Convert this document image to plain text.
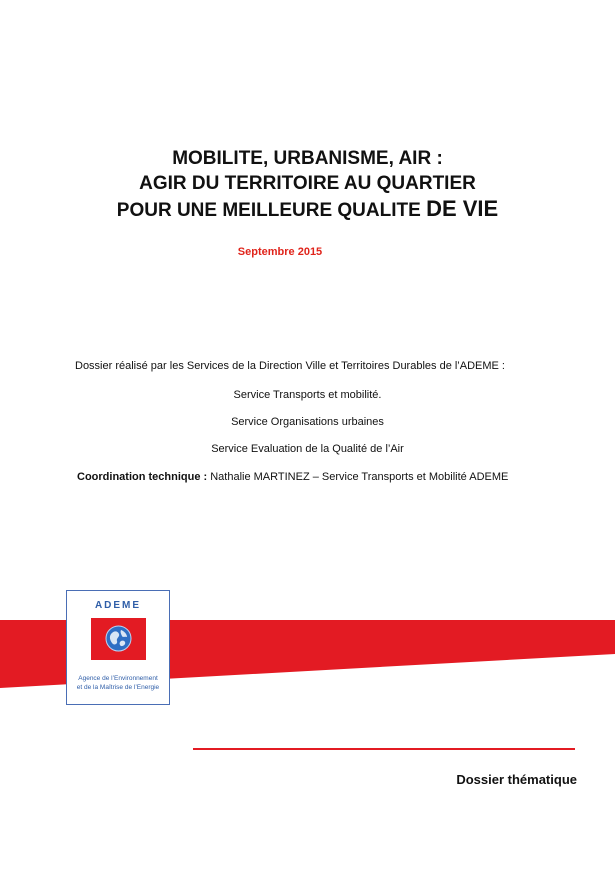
MOBILITE, URBANISME, AIR :
AGIR DU TERRITOIRE AU QUARTIER
POUR UNE MEILLEURE QUALITE DE VIE
Septembre 2015
Dossier réalisé par les Services de la Direction Ville et Territoires Durables de l’ADEME :
Service Transports et mobilité.
Service Organisations urbaines
Service Evaluation de la Qualité de l’Air
Coordination technique : Nathalie MARTINEZ – Service Transports et Mobilité ADEME
ADEME
Agence de l’Environnement
et de la Maîtrise de l’Energie
Dossier thématique
